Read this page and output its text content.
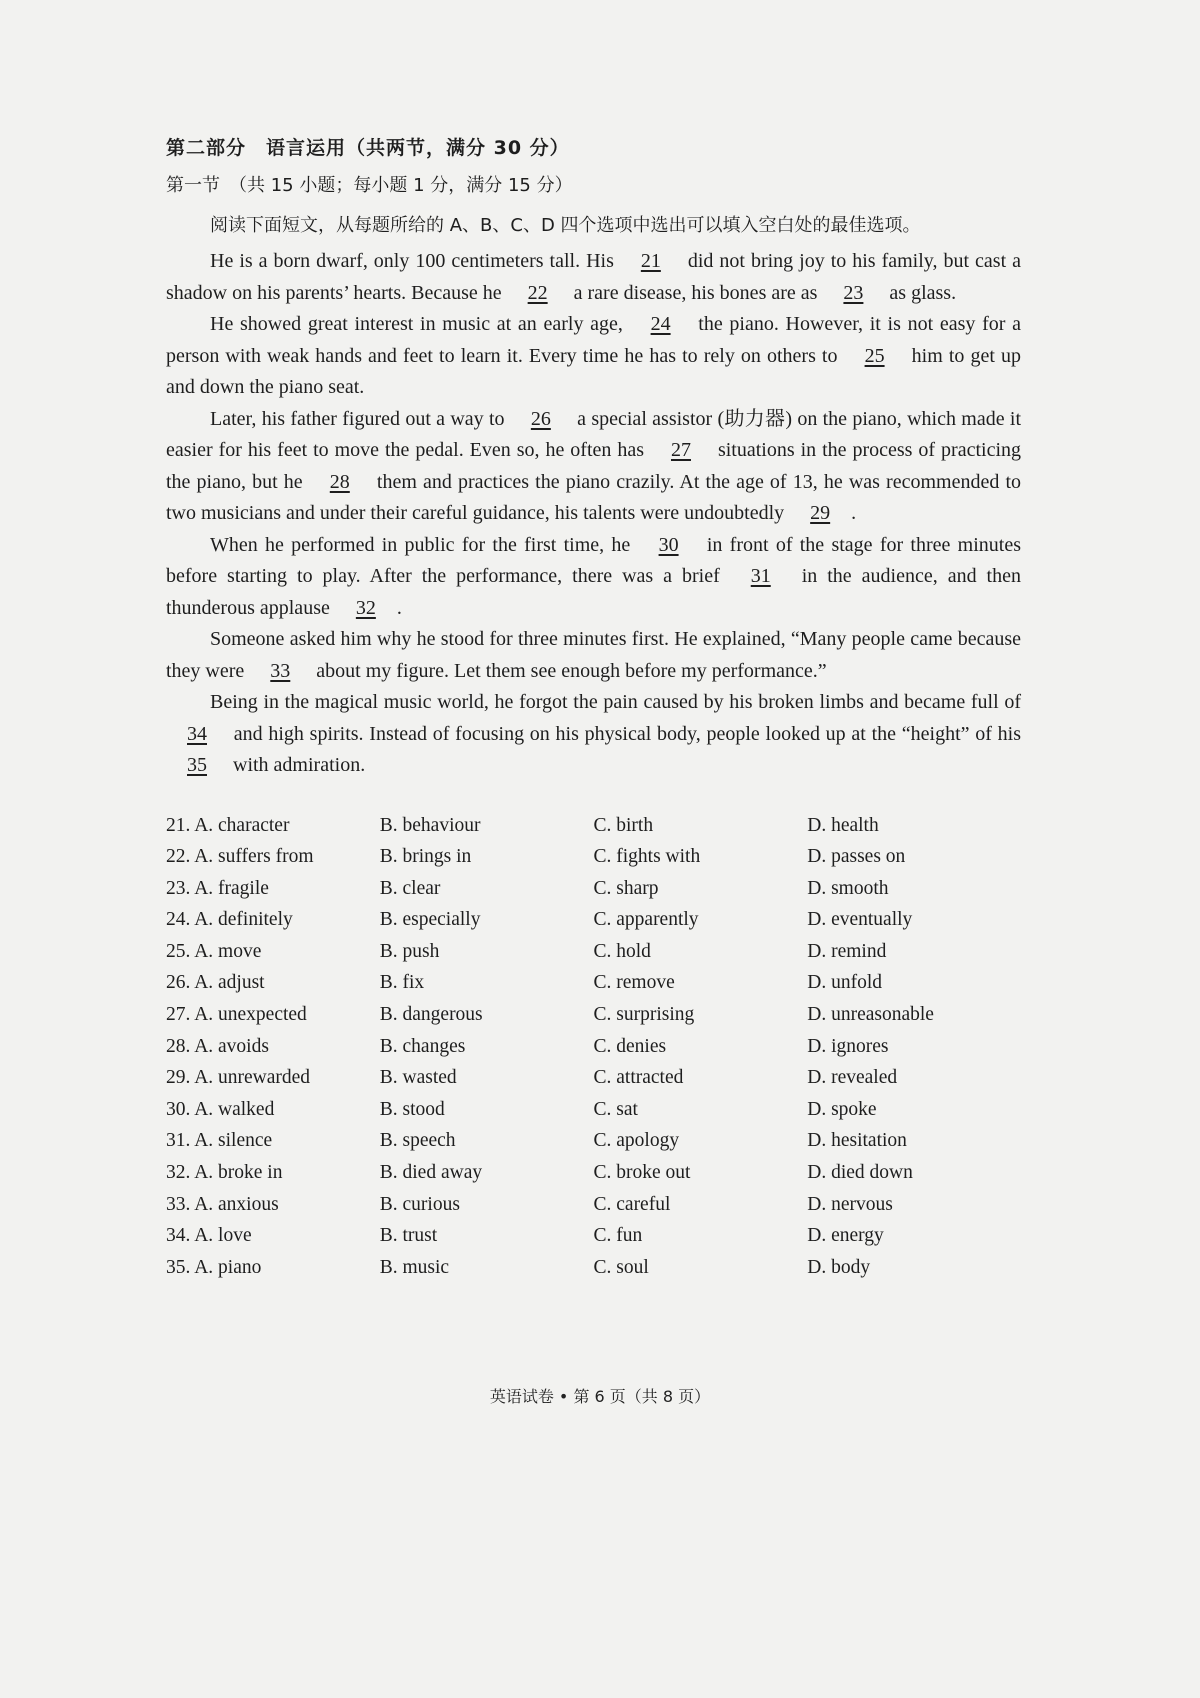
第二部分　语言运用（共两节，满分 30 分）

第一节　（共 15 小题；每小题 1 分，满分 15 分）

阅读下面短文，从每题所给的 A、B、C、D 四个选项中选出可以填入空白处的最佳选项。

He is a born dwarf, only 100 centimeters tall. His 21 did not bring joy to his family, but cast a shadow on his parents’ hearts. Because he 22 a rare disease, his bones are as 23 as glass.

He showed great interest in music at an early age, 24 the piano. However, it is not easy for a person with weak hands and feet to learn it. Every time he has to rely on others to 25 him to get up and down the piano seat.

Later, his father figured out a way to 26 a special assistor (助力器) on the piano, which made it easier for his feet to move the pedal. Even so, he often has 27 situations in the process of practicing the piano, but he 28 them and practices the piano crazily. At the age of 13, he was recommended to two musicians and under their careful guidance, his talents were undoubtedly 29 .

When he performed in public for the first time, he 30 in front of the stage for three minutes before starting to play. After the performance, there was a brief 31 in the audience, and then thunderous applause 32 .

Someone asked him why he stood for three minutes first. He explained, “Many people came because they were 33 about my figure. Let them see enough before my performance.”

Being in the magical music world, he forgot the pain caused by his broken limbs and became full of 34 and high spirits. Instead of focusing on his physical body, people looked up at the “height” of his 35 with admiration.

21. A. character	B. behaviour	C. birth	D. health
22. A. suffers from	B. brings in	C. fights with	D. passes on
23. A. fragile	B. clear	C. sharp	D. smooth
24. A. definitely	B. especially	C. apparently	D. eventually
25. A. move	B. push	C. hold	D. remind
26. A. adjust	B. fix	C. remove	D. unfold
27. A. unexpected	B. dangerous	C. surprising	D. unreasonable
28. A. avoids	B. changes	C. denies	D. ignores
29. A. unrewarded	B. wasted	C. attracted	D. revealed
30. A. walked	B. stood	C. sat	D. spoke
31. A. silence	B. speech	C. apology	D. hesitation
32. A. broke in	B. died away	C. broke out	D. died down
33. A. anxious	B. curious	C. careful	D. nervous
34. A. love	B. trust	C. fun	D. energy
35. A. piano	B. music	C. soul	D. body
英语试卷 • 第 6 页（共 8 页）
